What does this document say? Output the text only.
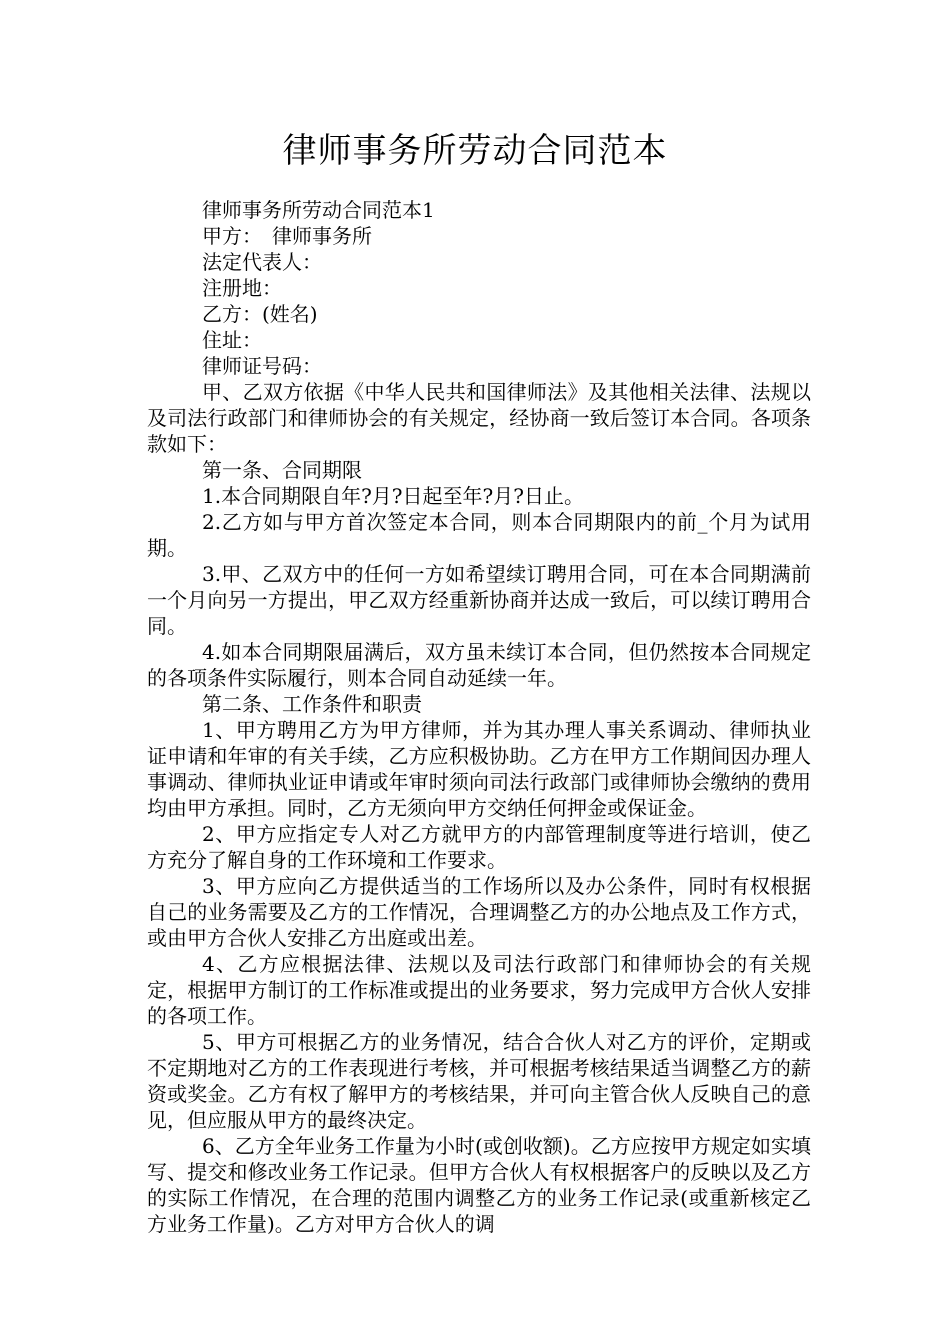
律师事务所劳动合同范本

律师事务所劳动合同范本1

甲方：　律师事务所

法定代表人：

注册地：

乙方：(姓名)

住址：

律师证号码：

甲、乙双方依据《中华人民共和国律师法》及其他相关法律、法规以及司法行政部门和律师协会的有关规定，经协商一致后签订本合同。各项条款如下：

第一条、合同期限

1.本合同期限自年?月?日起至年?月?日止。

2.乙方如与甲方首次签定本合同，则本合同期限内的前_个月为试用期。

3.甲、乙双方中的任何一方如希望续订聘用合同，可在本合同期满前一个月向另一方提出，甲乙双方经重新协商并达成一致后，可以续订聘用合同。

4.如本合同期限届满后，双方虽未续订本合同，但仍然按本合同规定的各项条件实际履行，则本合同自动延续一年。

第二条、工作条件和职责

1、甲方聘用乙方为甲方律师，并为其办理人事关系调动、律师执业证申请和年审的有关手续，乙方应积极协助。乙方在甲方工作期间因办理人事调动、律师执业证申请或年审时须向司法行政部门或律师协会缴纳的费用均由甲方承担。同时，乙方无须向甲方交纳任何押金或保证金。

2、甲方应指定专人对乙方就甲方的内部管理制度等进行培训，使乙方充分了解自身的工作环境和工作要求。

3、甲方应向乙方提供适当的工作场所以及办公条件，同时有权根据自己的业务需要及乙方的工作情况，合理调整乙方的办公地点及工作方式，或由甲方合伙人安排乙方出庭或出差。

4、乙方应根据法律、法规以及司法行政部门和律师协会的有关规定，根据甲方制订的工作标准或提出的业务要求，努力完成甲方合伙人安排的各项工作。

5、甲方可根据乙方的业务情况，结合合伙人对乙方的评价，定期或不定期地对乙方的工作表现进行考核，并可根据考核结果适当调整乙方的薪资或奖金。乙方有权了解甲方的考核结果，并可向主管合伙人反映自己的意见，但应服从甲方的最终决定。

6、乙方全年业务工作量为小时(或创收额)。乙方应按甲方规定如实填写、提交和修改业务工作记录。但甲方合伙人有权根据客户的反映以及乙方的实际工作情况，在合理的范围内调整乙方的业务工作记录(或重新核定乙方业务工作量)。乙方对甲方合伙人的调
